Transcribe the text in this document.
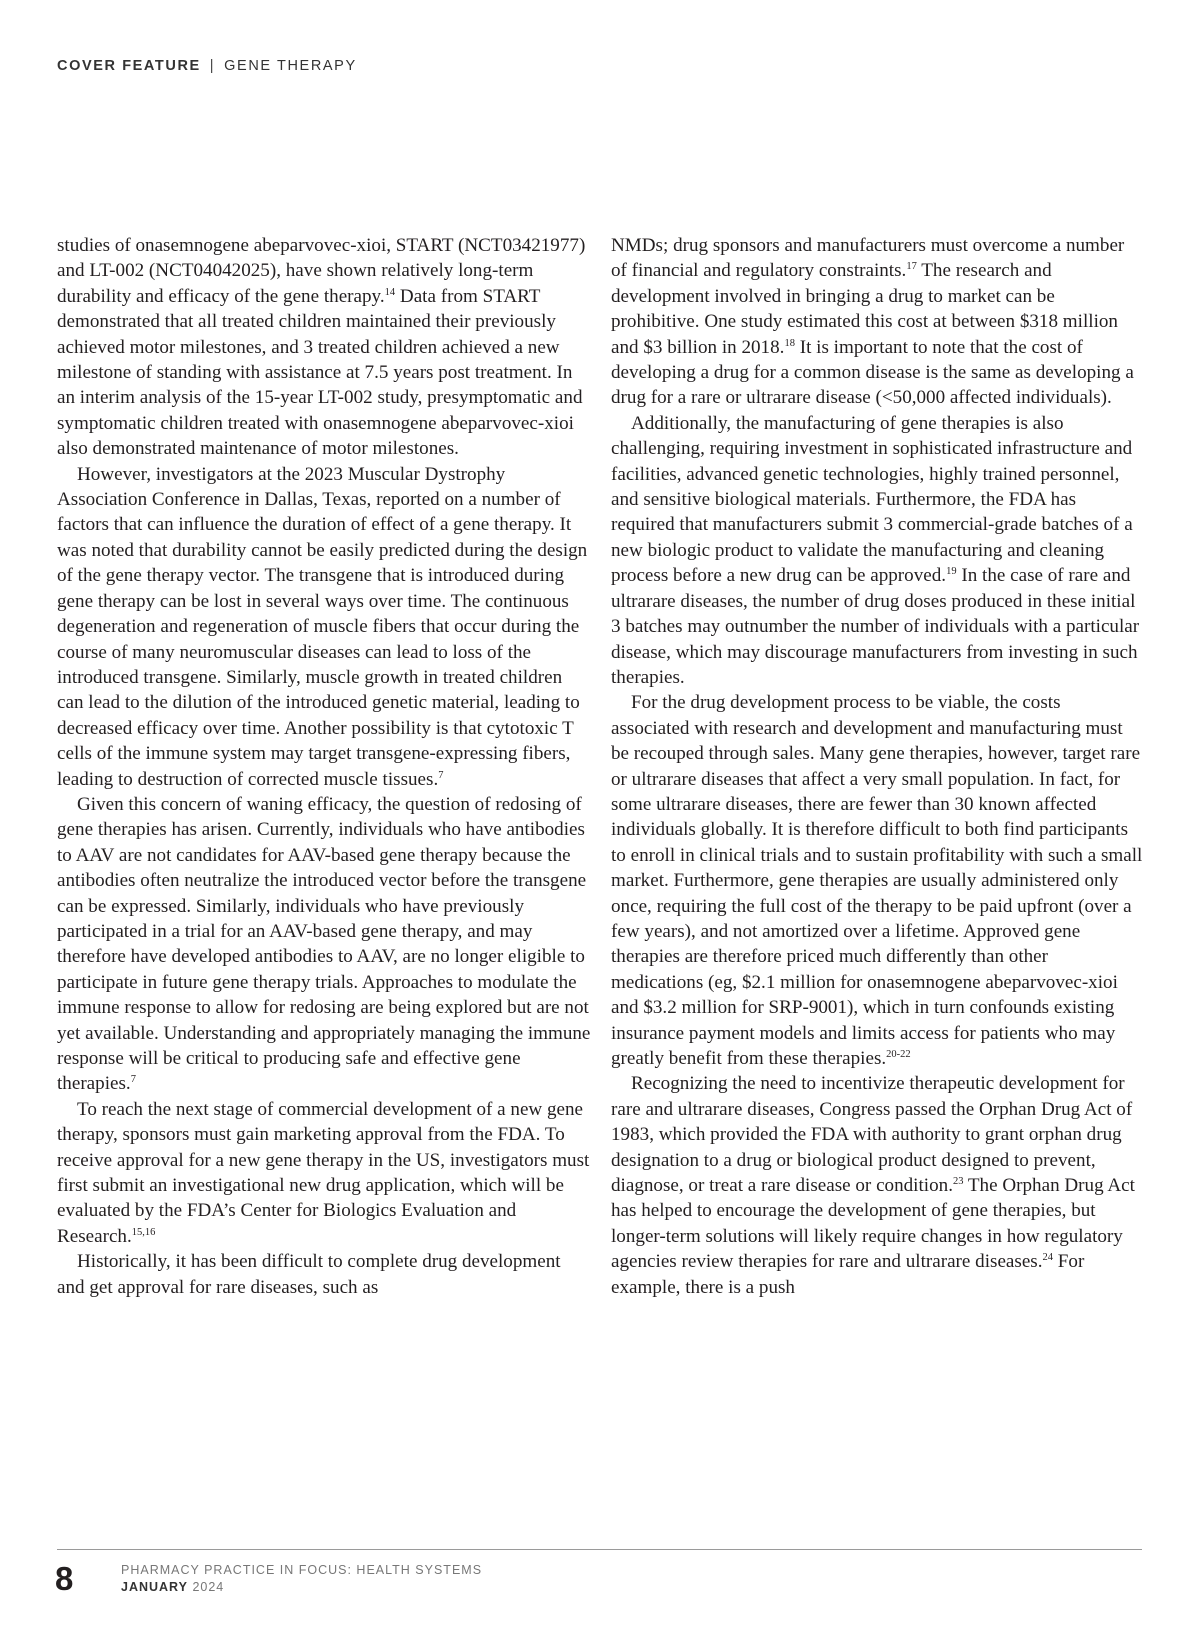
COVER FEATURE | GENE THERAPY

studies of onasemnogene abeparvovec-xioi, START (NCT03421977) and LT-002 (NCT04042025), have shown relatively long-term durability and efficacy of the gene therapy.$^{14}$ Data from START demonstrated that all treated children maintained their previously achieved motor milestones, and 3 treated children achieved a new milestone of standing with assistance at 7.5 years post treatment. In an interim analysis of the 15-year LT-002 study, presymptomatic and symptomatic children treated with onasemnogene abeparvovec-xioi also demonstrated maintenance of motor milestones.

However, investigators at the 2023 Muscular Dystrophy Association Conference in Dallas, Texas, reported on a number of factors that can influence the duration of effect of a gene therapy. It was noted that durability cannot be easily predicted during the design of the gene therapy vector. The transgene that is introduced during gene therapy can be lost in several ways over time. The continuous degeneration and regeneration of muscle fibers that occur during the course of many neuromuscular diseases can lead to loss of the introduced transgene. Similarly, muscle growth in treated children can lead to the dilution of the introduced genetic material, leading to decreased efficacy over time. Another possibility is that cytotoxic T cells of the immune system may target transgene-expressing fibers, leading to destruction of corrected muscle tissues.$^7$

Given this concern of waning efficacy, the question of redosing of gene therapies has arisen. Currently, individuals who have antibodies to AAV are not candidates for AAV-based gene therapy because the antibodies often neutralize the introduced vector before the transgene can be expressed. Similarly, individuals who have previously participated in a trial for an AAV-based gene therapy, and may therefore have developed antibodies to AAV, are no longer eligible to participate in future gene therapy trials. Approaches to modulate the immune response to allow for redosing are being explored but are not yet available. Understanding and appropriately managing the immune response will be critical to producing safe and effective gene therapies.$^7$

To reach the next stage of commercial development of a new gene therapy, sponsors must gain marketing approval from the FDA. To receive approval for a new gene therapy in the US, investigators must first submit an investigational new drug application, which will be evaluated by the FDA’s Center for Biologics Evaluation and Research.$^{15,16}$

Historically, it has been difficult to complete drug development and get approval for rare diseases, such as

NMDs; drug sponsors and manufacturers must overcome a number of financial and regulatory constraints.$^{17}$ The research and development involved in bringing a drug to market can be prohibitive. One study estimated this cost at between $318 million and $3 billion in 2018.18 It is important to note that the cost of developing a drug for a common disease is the same as developing a drug for a rare or ultrarare disease (<50,000 affected individuals).

Additionally, the manufacturing of gene therapies is also challenging, requiring investment in sophisticated infrastructure and facilities, advanced genetic technologies, highly trained personnel, and sensitive biological materials. Furthermore, the FDA has required that manufacturers submit 3 commercial-grade batches of a new biologic product to validate the manufacturing and cleaning process before a new drug can be approved.$^{19}$ In the case of rare and ultrarare diseases, the number of drug doses produced in these initial 3 batches may outnumber the number of individuals with a particular disease, which may discourage manufacturers from investing in such therapies.

For the drug development process to be viable, the costs associated with research and development and manufacturing must be recouped through sales. Many gene therapies, however, target rare or ultrarare diseases that affect a very small population. In fact, for some ultrarare diseases, there are fewer than 30 known affected individuals globally. It is therefore difficult to both find participants to enroll in clinical trials and to sustain profitability with such a small market. Furthermore, gene therapies are usually administered only once, requiring the full cost of the therapy to be paid upfront (over a few years), and not amortized over a lifetime. Approved gene therapies are therefore priced much differently than other medications (eg, $2.1 million for onasemnogene abeparvovec-xioi and $3.2 million for SRP-9001), which in turn confounds existing insurance payment models and limits access for patients who may greatly benefit from these therapies.$^{20-22}$

Recognizing the need to incentivize therapeutic development for rare and ultrarare diseases, Congress passed the Orphan Drug Act of 1983, which provided the FDA with authority to grant orphan drug designation to a drug or biological product designed to prevent, diagnose, or treat a rare disease or condition.$^{23}$ The Orphan Drug Act has helped to encourage the development of gene therapies, but longer-term solutions will likely require changes in how regulatory agencies review therapies for rare and ultrarare diseases.$^{24}$ For example, there is a push

8	PHARMACY PRACTICE IN FOCUS: HEALTH SYSTEMS
JANUARY 2024
